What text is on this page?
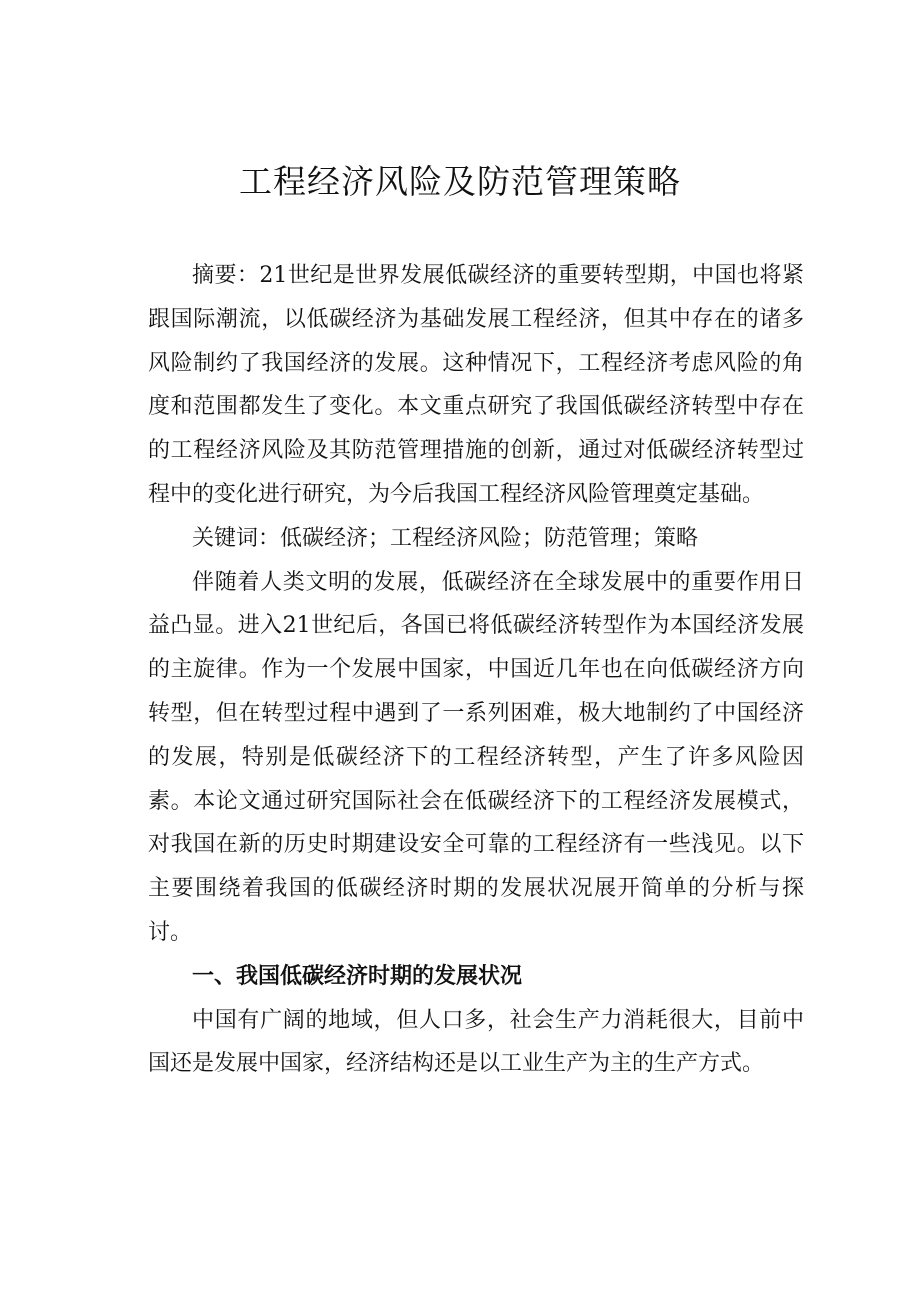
工程经济风险及防范管理策略

摘要：21世纪是世界发展低碳经济的重要转型期，中国也将紧跟国际潮流，以低碳经济为基础发展工程经济，但其中存在的诸多风险制约了我国经济的发展。这种情况下，工程经济考虑风险的角度和范围都发生了变化。本文重点研究了我国低碳经济转型中存在的工程经济风险及其防范管理措施的创新，通过对低碳经济转型过程中的变化进行研究，为今后我国工程经济风险管理奠定基础。

关键词：低碳经济；工程经济风险；防范管理；策略

伴随着人类文明的发展，低碳经济在全球发展中的重要作用日益凸显。进入21世纪后，各国已将低碳经济转型作为本国经济发展的主旋律。作为一个发展中国家，中国近几年也在向低碳经济方向转型，但在转型过程中遇到了一系列困难，极大地制约了中国经济的发展，特别是低碳经济下的工程经济转型，产生了许多风险因素。本论文通过研究国际社会在低碳经济下的工程经济发展模式，对我国在新的历史时期建设安全可靠的工程经济有一些浅见。以下主要围绕着我国的低碳经济时期的发展状况展开简单的分析与探讨。

一、我国低碳经济时期的发展状况

中国有广阔的地域，但人口多，社会生产力消耗很大，目前中国还是发展中国家，经济结构还是以工业生产为主的生产方式。
